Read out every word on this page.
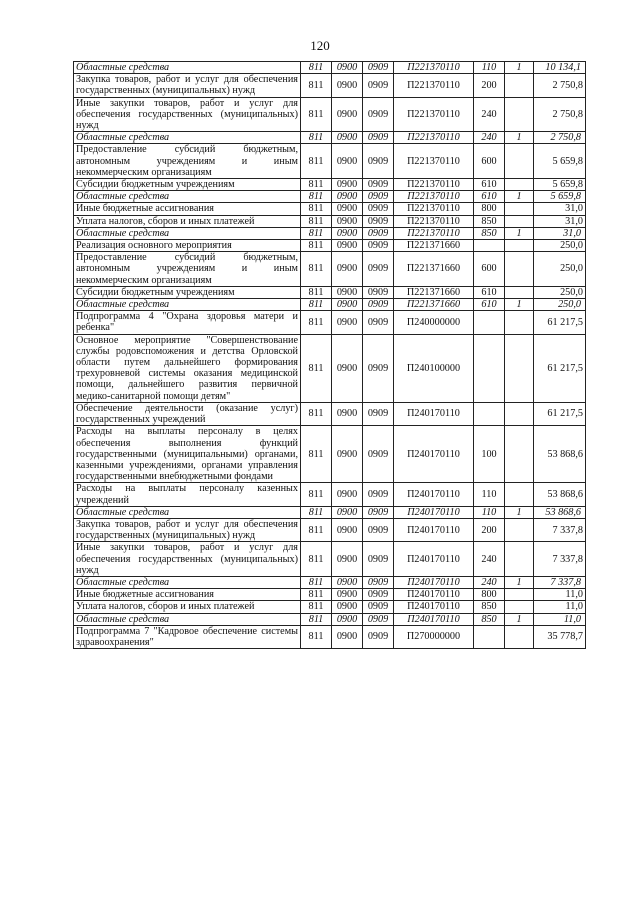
120
Областные средства	811	0900	0909	П221370110	110	1	10 134,1
Закупка товаров, работ и услуг для обеспечения государственных (муниципальных) нужд	811	0900	0909	П221370110	200		2 750,8
Иные закупки товаров, работ и услуг для обеспечения государственных (муниципальных) нужд	811	0900	0909	П221370110	240		2 750,8
Областные средства	811	0900	0909	П221370110	240	1	2 750,8
Предоставление субсидий бюджетным, автономным учреждениям и иным некоммерческим организациям	811	0900	0909	П221370110	600		5 659,8
Субсидии бюджетным учреждениям	811	0900	0909	П221370110	610		5 659,8
Областные средства	811	0900	0909	П221370110	610	1	5 659,8
Иные бюджетные ассигнования	811	0900	0909	П221370110	800		31,0
Уплата налогов, сборов и иных платежей	811	0900	0909	П221370110	850		31,0
Областные средства	811	0900	0909	П221370110	850	1	31,0
Реализация основного мероприятия	811	0900	0909	П221371660			250,0
Предоставление субсидий бюджетным, автономным учреждениям и иным некоммерческим организациям	811	0900	0909	П221371660	600		250,0
Субсидии бюджетным учреждениям	811	0900	0909	П221371660	610		250,0
Областные средства	811	0900	0909	П221371660	610	1	250,0
Подпрограмма 4 "Охрана здоровья матери и ребенка"	811	0900	0909	П240000000			61 217,5
Основное мероприятие "Совершенствование службы родовспоможения и детства Орловской области путем дальнейшего формирования трехуровневой системы оказания медицинской помощи, дальнейшего развития первичной медико-санитарной помощи детям"	811	0900	0909	П240100000			61 217,5
Обеспечение деятельности (оказание услуг) государственных учреждений	811	0900	0909	П240170110			61 217,5
Расходы на выплаты персоналу в целях обеспечения выполнения функций государственными (муниципальными) органами, казенными учреждениями, органами управления государственными внебюджетными фондами	811	0900	0909	П240170110	100		53 868,6
Расходы на выплаты персоналу казенных учреждений	811	0900	0909	П240170110	110		53 868,6
Областные средства	811	0900	0909	П240170110	110	1	53 868,6
Закупка товаров, работ и услуг для обеспечения государственных (муниципальных) нужд	811	0900	0909	П240170110	200		7 337,8
Иные закупки товаров, работ и услуг для обеспечения государственных (муниципальных) нужд	811	0900	0909	П240170110	240		7 337,8
Областные средства	811	0900	0909	П240170110	240	1	7 337,8
Иные бюджетные ассигнования	811	0900	0909	П240170110	800		11,0
Уплата налогов, сборов и иных платежей	811	0900	0909	П240170110	850		11,0
Областные средства	811	0900	0909	П240170110	850	1	11,0
Подпрограмма 7 "Кадровое обеспечение системы здравоохранения"	811	0900	0909	П270000000			35 778,7
